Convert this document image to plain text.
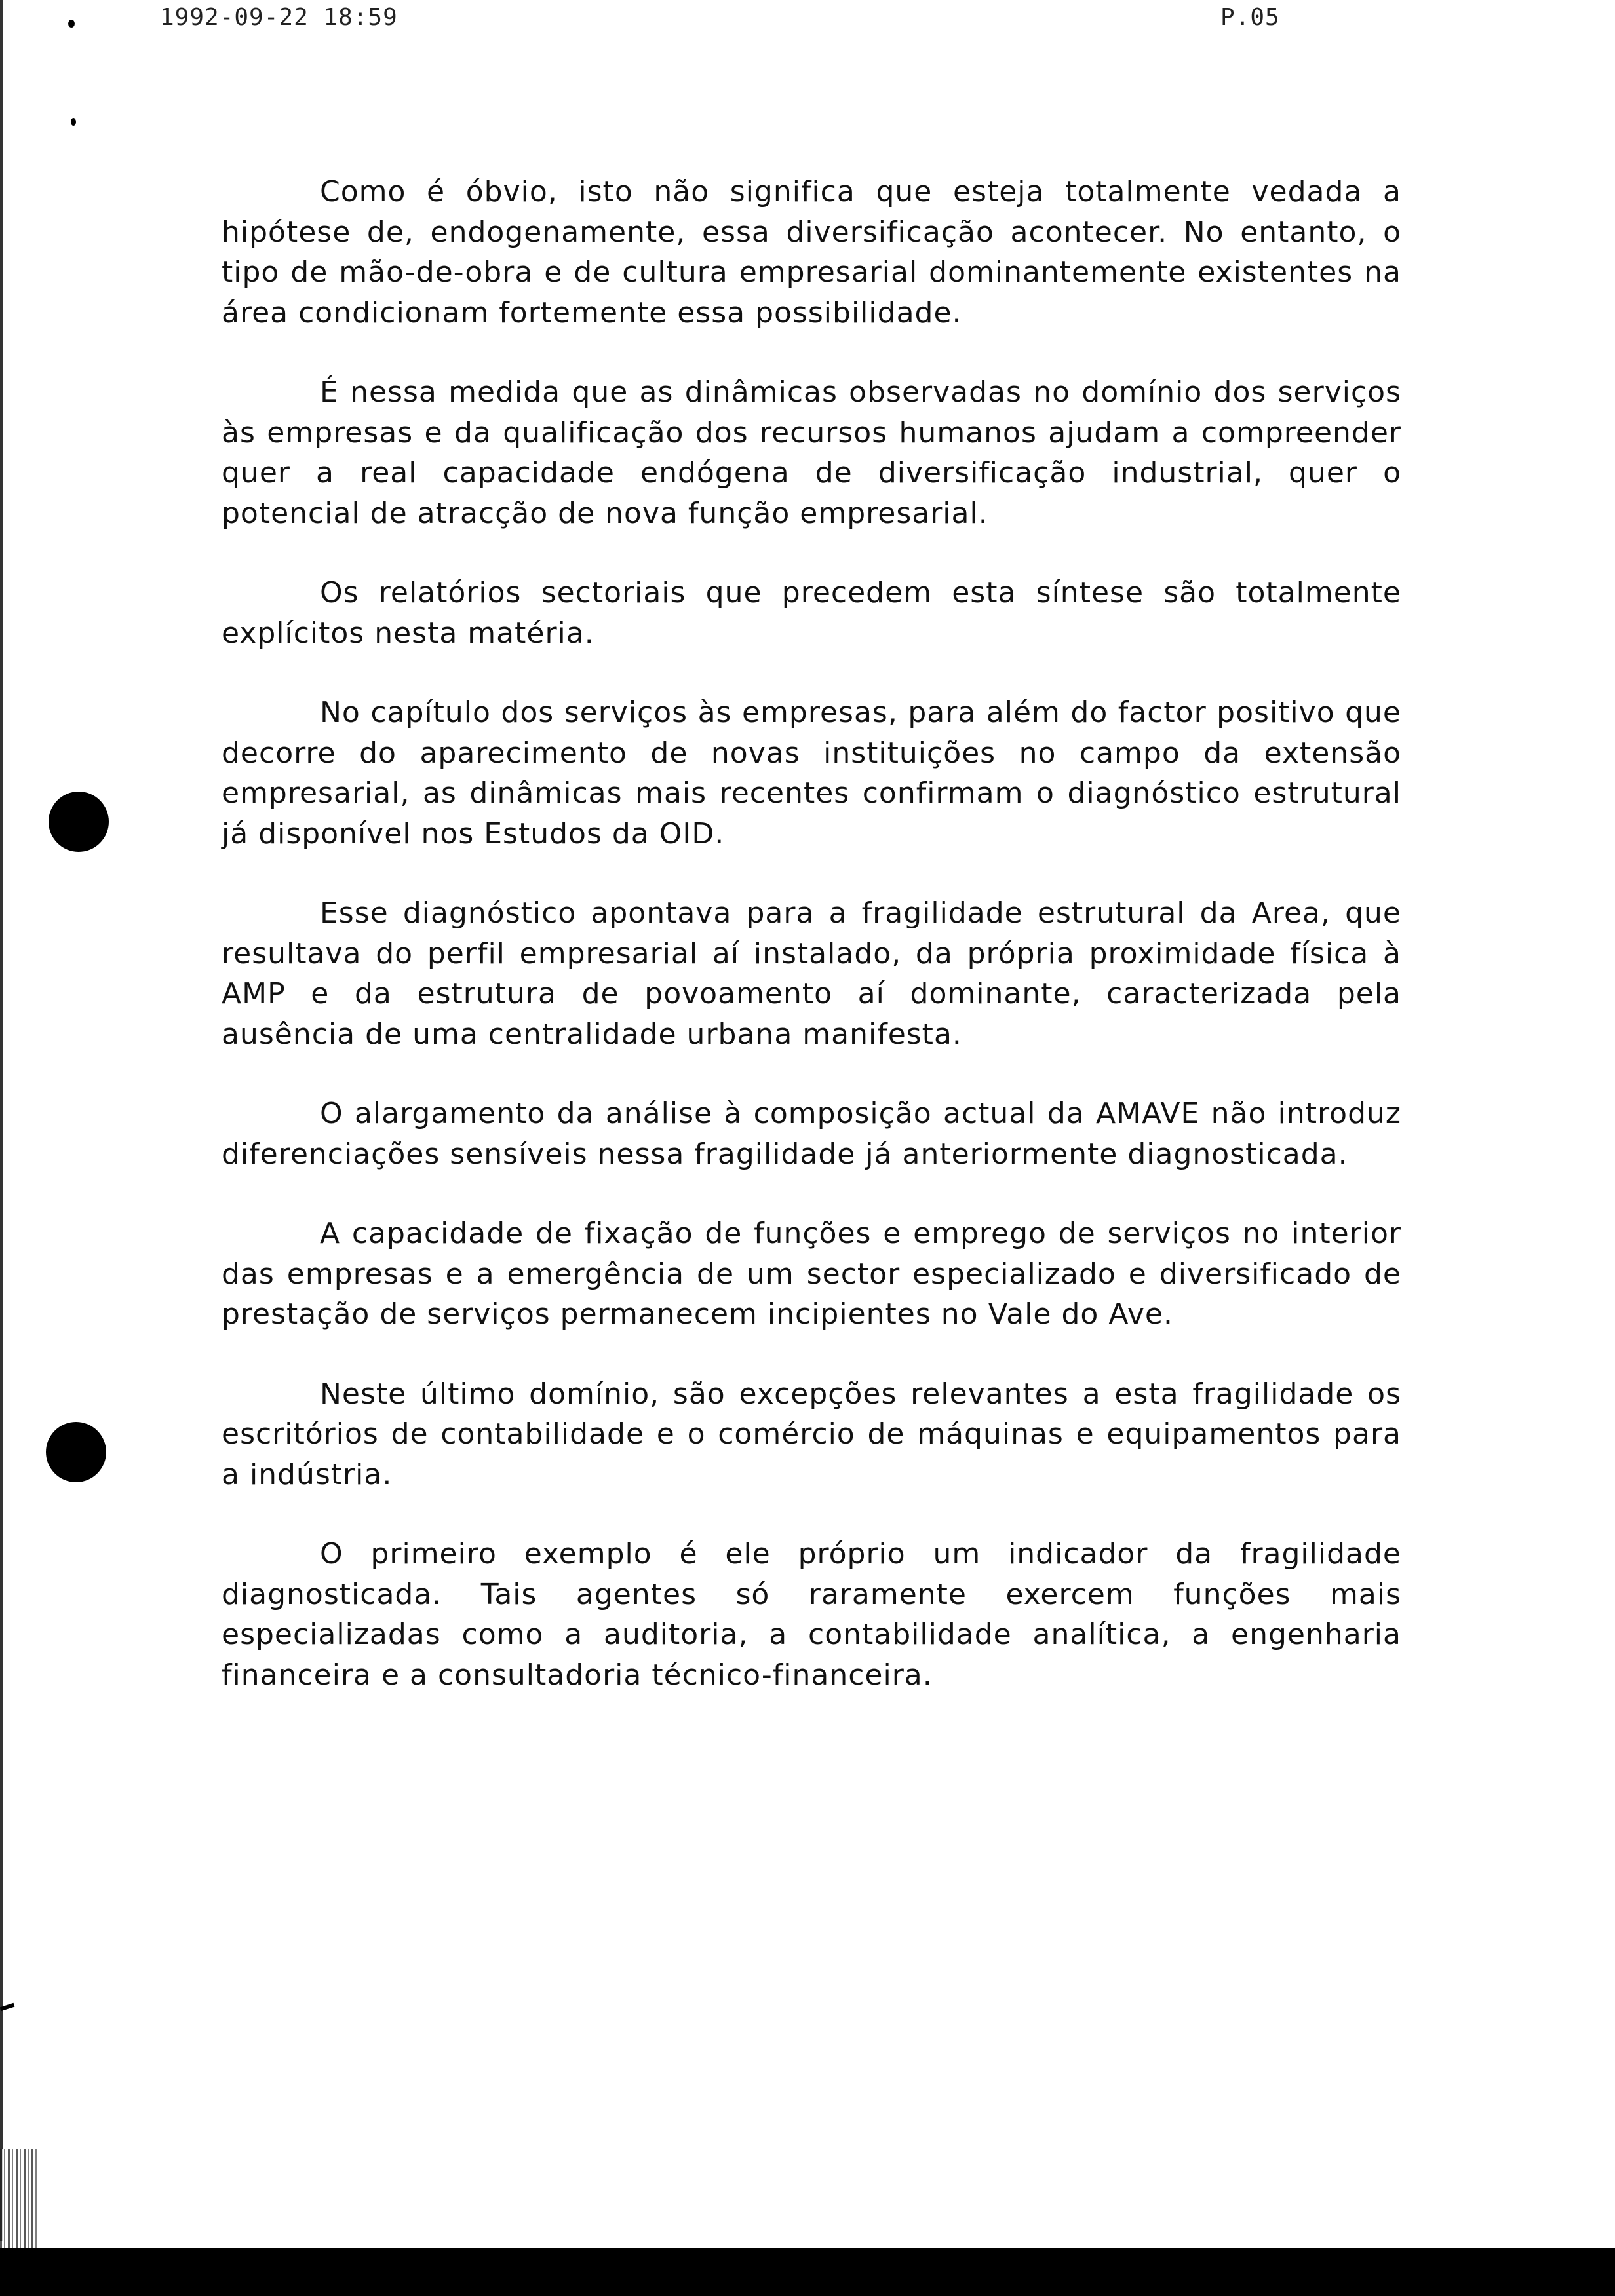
1992-09-22 18:59	P.05

Como é óbvio, isto não significa que esteja totalmente vedada a hipótese de, endogenamente, essa diversificação acontecer. No entanto, o tipo de mão-de-obra e de cultura empresarial dominantemente existentes na área condicionam fortemente essa possibilidade.

É nessa medida que as dinâmicas observadas no domínio dos serviços às empresas e da qualificação dos recursos humanos ajudam a compreender quer a real capacidade endógena de diversificação industrial, quer o potencial de atracção de nova função empresarial.

Os relatórios sectoriais que precedem esta síntese são totalmente explícitos nesta matéria.

No capítulo dos serviços às empresas, para além do factor positivo que decorre do aparecimento de novas instituições no campo da extensão empresarial, as dinâmicas mais recentes confirmam o diagnóstico estrutural já disponível nos Estudos da OID.

Esse diagnóstico apontava para a fragilidade estrutural da Area, que resultava do perfil empresarial aí instalado, da própria proximidade física à AMP e da estrutura de povoamento aí dominante, caracterizada pela ausência de uma centralidade urbana manifesta.

O alargamento da análise à composição actual da AMAVE não introduz diferenciações sensíveis nessa fragilidade já anteriormente diagnosticada.

A capacidade de fixação de funções e emprego de serviços no interior das empresas e a emergência de um sector especializado e diversificado de prestação de serviços permanecem incipientes no Vale do Ave.

Neste último domínio, são excepções relevantes a esta fragilidade os escritórios de contabilidade e o comércio de máquinas e equipamentos para a indústria.

O primeiro exemplo é ele próprio um indicador da fragilidade diagnosticada. Tais agentes só raramente exercem funções mais especializadas como a auditoria, a contabilidade analítica, a engenharia financeira e a consultadoria técnico-financeira.
